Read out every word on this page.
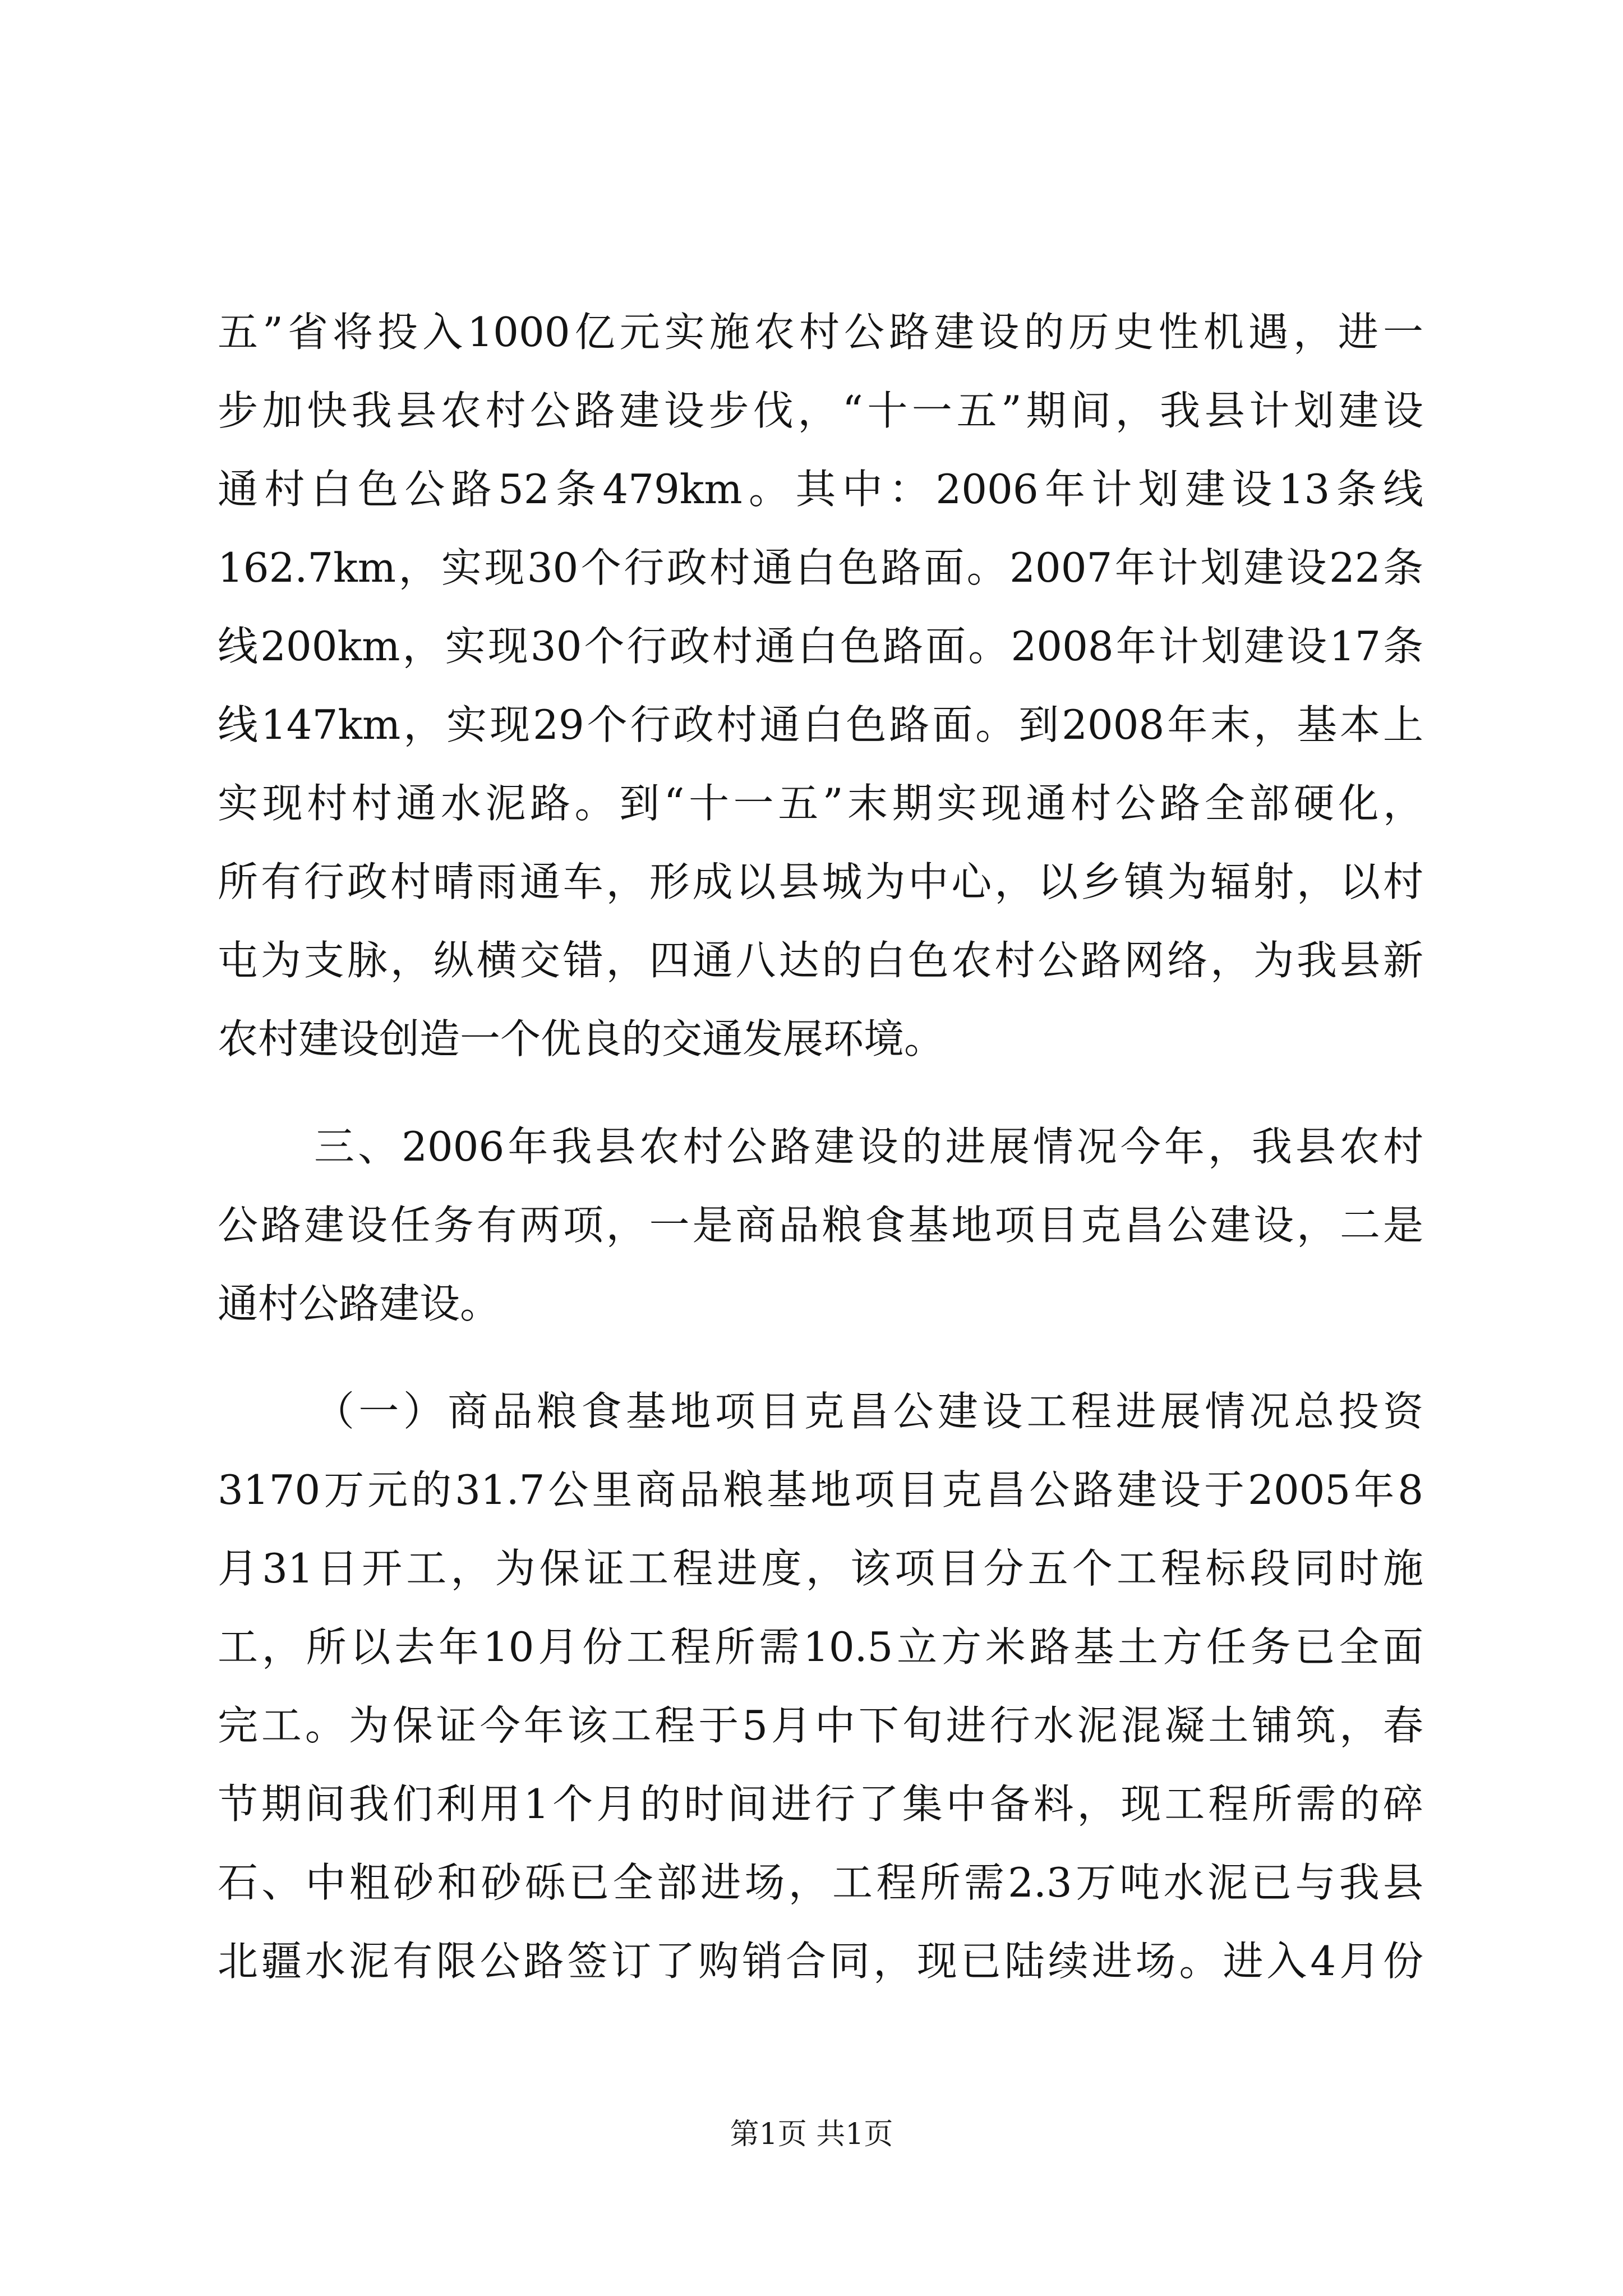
五”省将投入1000亿元实施农村公路建设的历史性机遇，进一
步加快我县农村公路建设步伐，“十一五”期间，我县计划建设
通村白色公路52条479km。其中：2006年计划建设13条线
162.7km，实现30个行政村通白色路面。2007年计划建设22条
线200km，实现30个行政村通白色路面。2008年计划建设17条
线147km，实现29个行政村通白色路面。到2008年末，基本上
实现村村通水泥路。到“十一五”末期实现通村公路全部硬化，
所有行政村晴雨通车，形成以县城为中心，以乡镇为辐射，以村
屯为支脉，纵横交错，四通八达的白色农村公路网络，为我县新
农村建设创造一个优良的交通发展环境。
三、2006年我县农村公路建设的进展情况今年，我县农村
公路建设任务有两项，一是商品粮食基地项目克昌公建设，二是
通村公路建设。
（一）商品粮食基地项目克昌公建设工程进展情况总投资
3170万元的31.7公里商品粮基地项目克昌公路建设于2005年8
月31日开工，为保证工程进度，该项目分五个工程标段同时施
工，所以去年10月份工程所需10.5立方米路基土方任务已全面
完工。为保证今年该工程于5月中下旬进行水泥混凝土铺筑，春
节期间我们利用1个月的时间进行了集中备料，现工程所需的碎
石、中粗砂和砂砾已全部进场，工程所需2.3万吨水泥已与我县
北疆水泥有限公路签订了购销合同，现已陆续进场。进入4月份
第1页 共1页
